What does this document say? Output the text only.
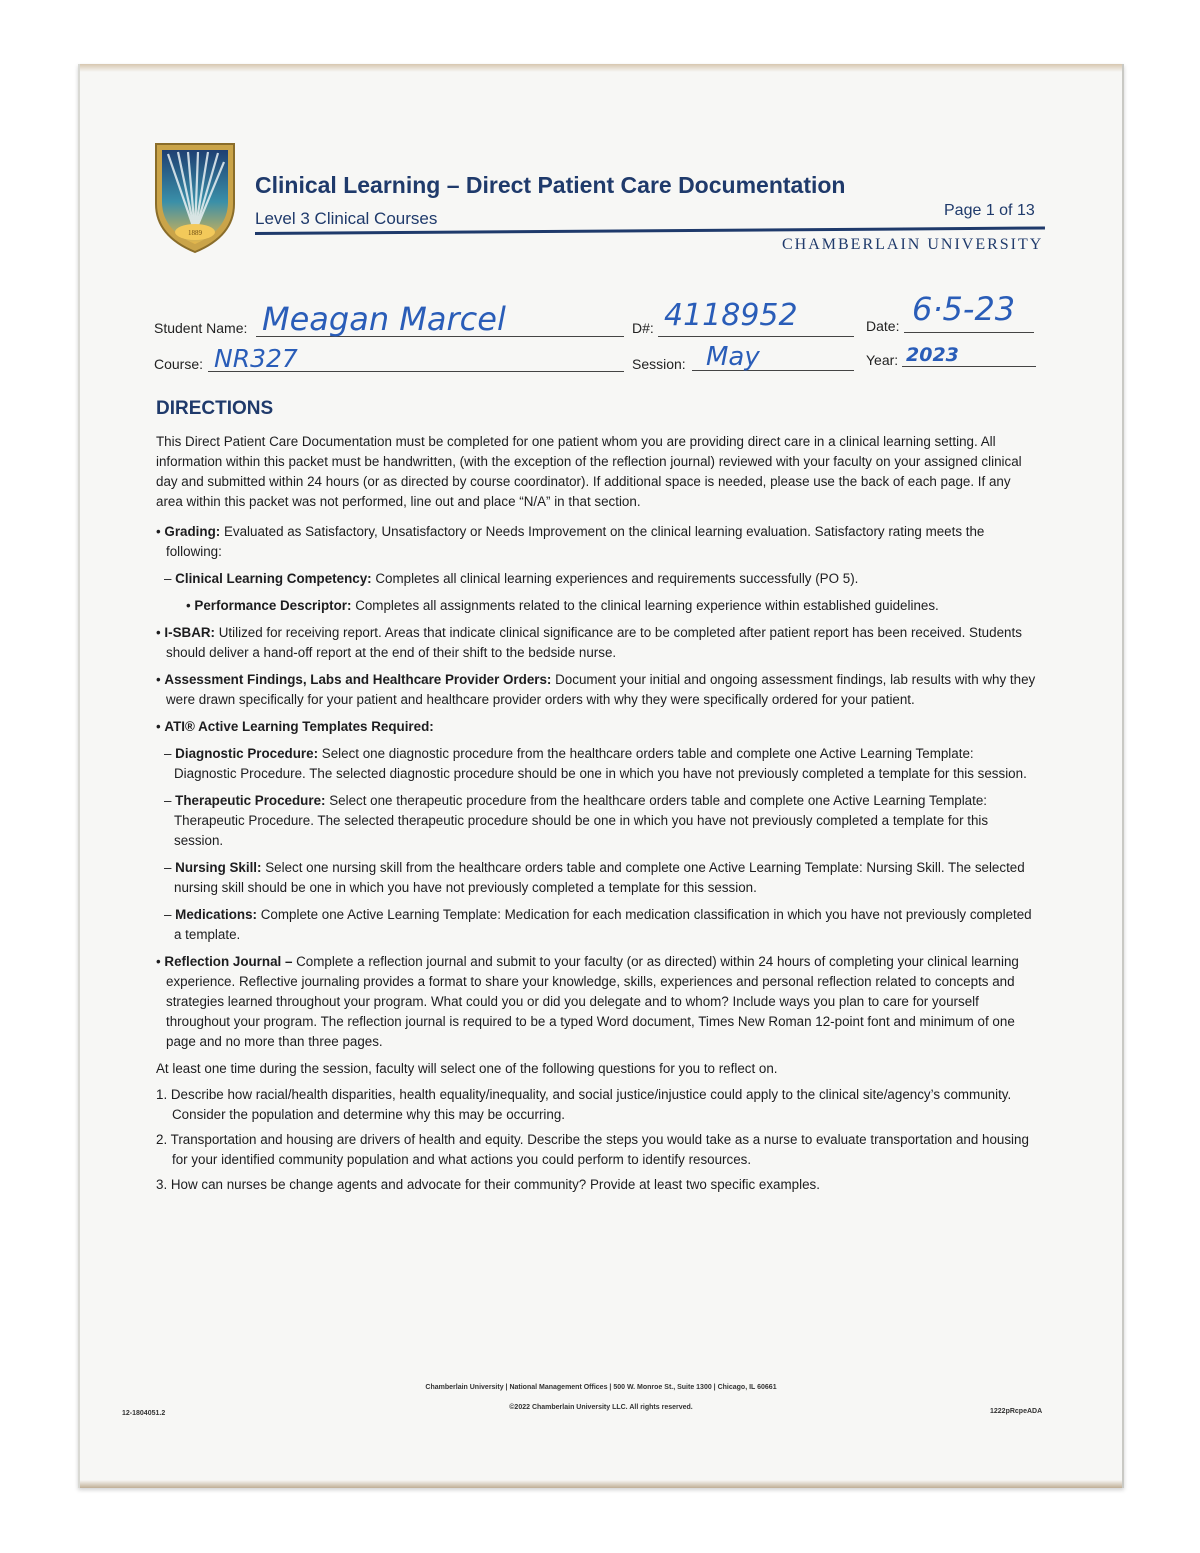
1889
Clinical Learning – Direct Patient Care Documentation
Level 3 Clinical Courses	Page 1 of 13
CHAMBERLAIN UNIVERSITY
Student Name: Meagan Marcel	D#: 4118952	Date: 6·5-23
Course: NR327	Session: May	Year: 2023
DIRECTIONS

This Direct Patient Care Documentation must be completed for one patient whom you are providing direct care in a clinical learning setting. All information within this packet must be handwritten, (with the exception of the reflection journal) reviewed with your faculty on your assigned clinical day and submitted within 24 hours (or as directed by course coordinator). If additional space is needed, please use the back of each page. If any area within this packet was not performed, line out and place “N/A” in that section.

• Grading: Evaluated as Satisfactory, Unsatisfactory or Needs Improvement on the clinical learning evaluation. Satisfactory rating meets the following:

– Clinical Learning Competency: Completes all clinical learning experiences and requirements successfully (PO 5).

• Performance Descriptor: Completes all assignments related to the clinical learning experience within established guidelines.

• I-SBAR: Utilized for receiving report. Areas that indicate clinical significance are to be completed after patient report has been received. Students should deliver a hand-off report at the end of their shift to the bedside nurse.

• Assessment Findings, Labs and Healthcare Provider Orders: Document your initial and ongoing assessment findings, lab results with why they were drawn specifically for your patient and healthcare provider orders with why they were specifically ordered for your patient.

• ATI® Active Learning Templates Required:

– Diagnostic Procedure: Select one diagnostic procedure from the healthcare orders table and complete one Active Learning Template: Diagnostic Procedure. The selected diagnostic procedure should be one in which you have not previously completed a template for this session.

– Therapeutic Procedure: Select one therapeutic procedure from the healthcare orders table and complete one Active Learning Template: Therapeutic Procedure. The selected therapeutic procedure should be one in which you have not previously completed a template for this session.

– Nursing Skill: Select one nursing skill from the healthcare orders table and complete one Active Learning Template: Nursing Skill. The selected nursing skill should be one in which you have not previously completed a template for this session.

– Medications: Complete one Active Learning Template: Medication for each medication classification in which you have not previously completed a template.

• Reflection Journal – Complete a reflection journal and submit to your faculty (or as directed) within 24 hours of completing your clinical learning experience. Reflective journaling provides a format to share your knowledge, skills, experiences and personal reflection related to concepts and strategies learned throughout your program. What could you or did you delegate and to whom? Include ways you plan to care for yourself throughout your program. The reflection journal is required to be a typed Word document, Times New Roman 12-point font and minimum of one page and no more than three pages.

At least one time during the session, faculty will select one of the following questions for you to reflect on.

1. Describe how racial/health disparities, health equality/inequality, and social justice/injustice could apply to the clinical site/agency’s community. Consider the population and determine why this may be occurring.

2. Transportation and housing are drivers of health and equity. Describe the steps you would take as a nurse to evaluate transportation and housing for your identified community population and what actions you could perform to identify resources.

3. How can nurses be change agents and advocate for their community? Provide at least two specific examples.

Chamberlain University | National Management Offices | 500 W. Monroe St., Suite 1300 | Chicago, IL 60661
©2022 Chamberlain University LLC. All rights reserved.
12-1804051.2	1222pRcpeADA
